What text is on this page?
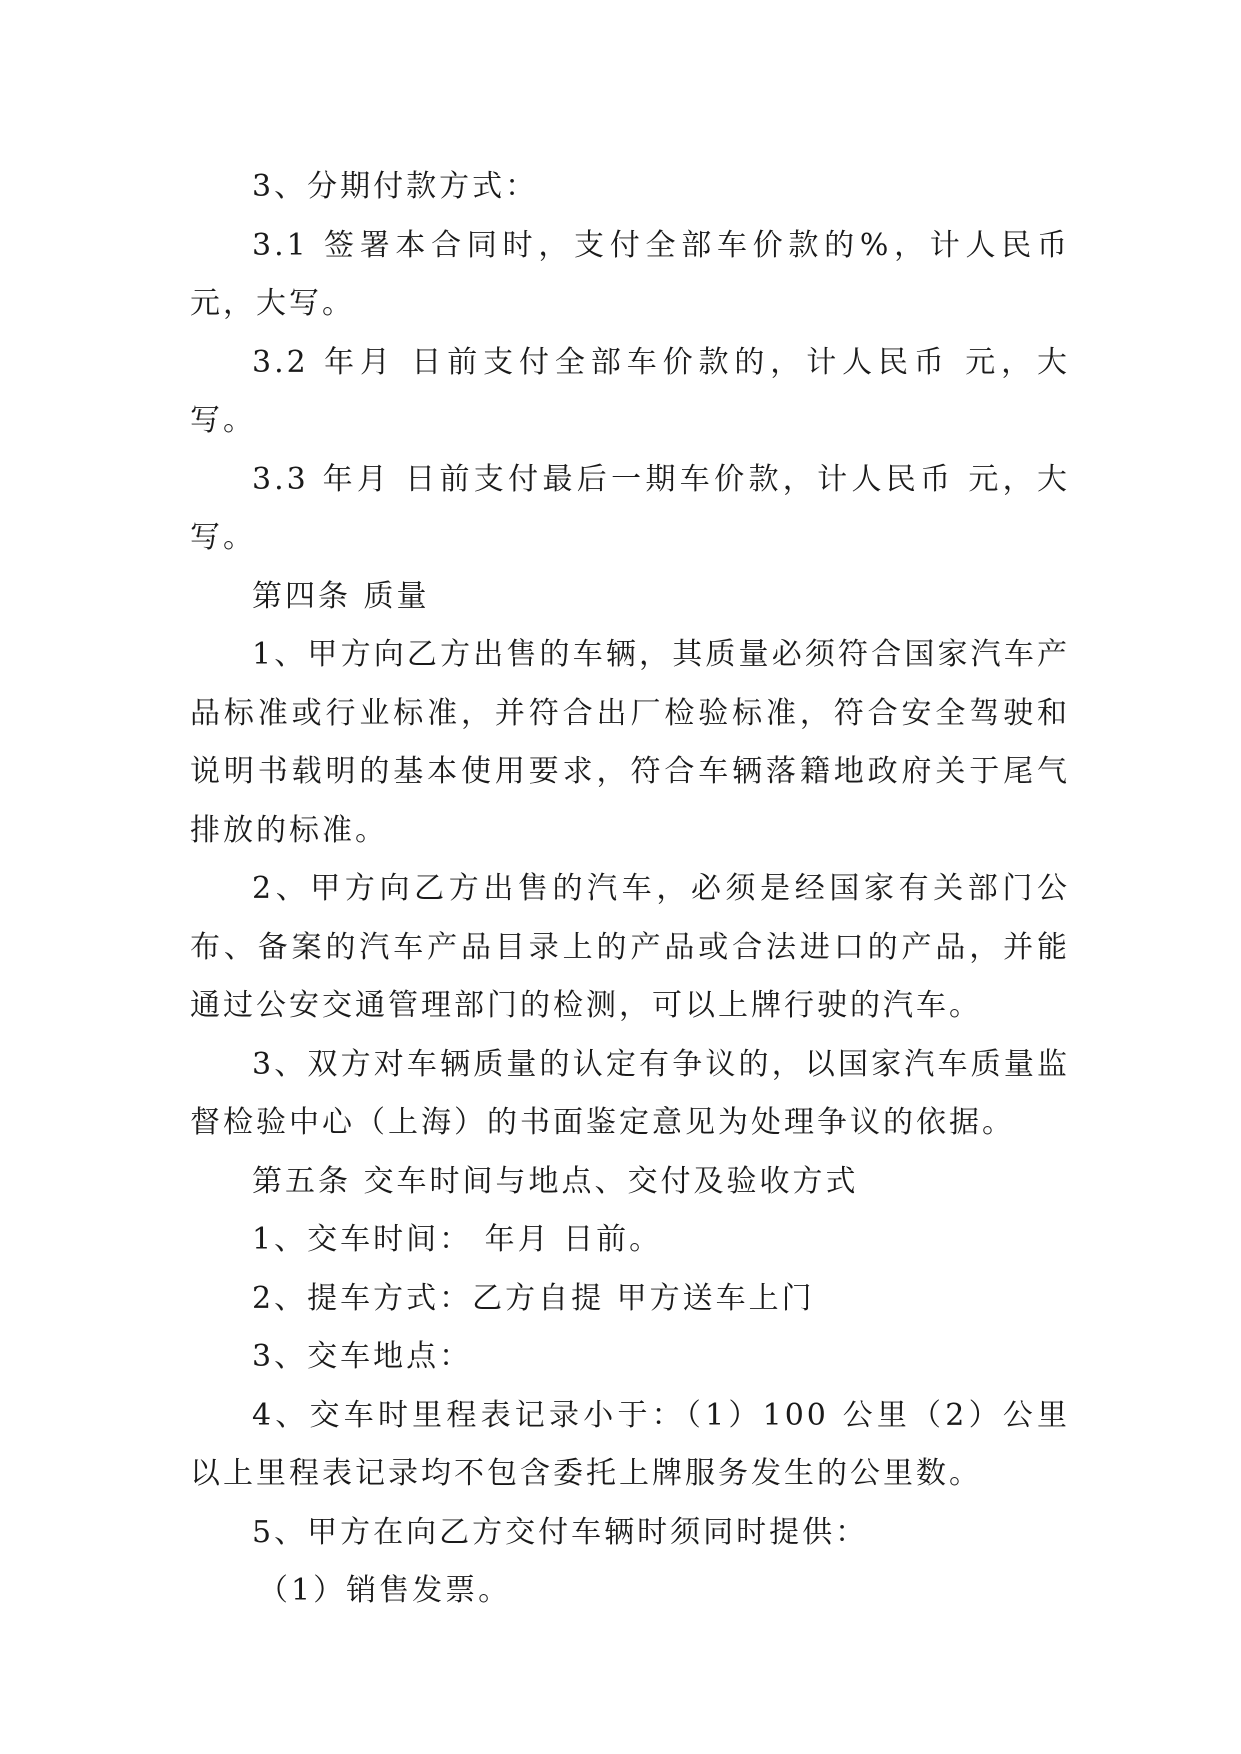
3、分期付款方式：

3.1 签署本合同时，支付全部车价款的%，计人民币 元，大写。

3.2 年月 日前支付全部车价款的，计人民币 元，大写。

3.3 年月 日前支付最后一期车价款，计人民币 元，大写。

第四条 质量

1、甲方向乙方出售的车辆，其质量必须符合国家汽车产品标准或行业标准，并符合出厂检验标准，符合安全驾驶和说明书载明的基本使用要求，符合车辆落籍地政府关于尾气排放的标准。

2、甲方向乙方出售的汽车，必须是经国家有关部门公布、备案的汽车产品目录上的产品或合法进口的产品，并能通过公安交通管理部门的检测，可以上牌行驶的汽车。

3、双方对车辆质量的认定有争议的，以国家汽车质量监督检验中心（上海）的书面鉴定意见为处理争议的依据。

第五条 交车时间与地点、交付及验收方式

1、交车时间： 年月 日前。

2、提车方式：乙方自提 甲方送车上门

3、交车地点：

4、交车时里程表记录小于：（1）100 公里（2）公里以上里程表记录均不包含委托上牌服务发生的公里数。

5、甲方在向乙方交付车辆时须同时提供：

（1）销售发票。
